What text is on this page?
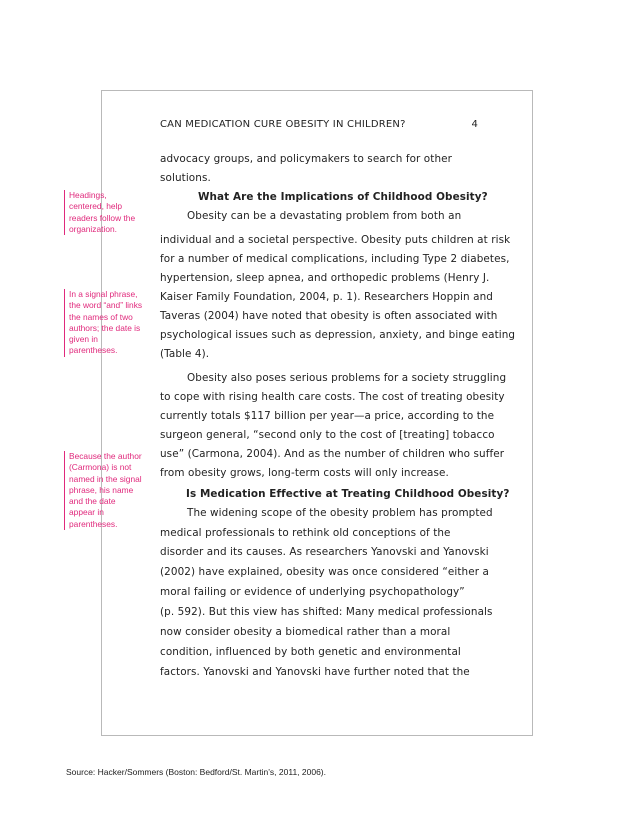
CAN MEDICATION CURE OBESITY IN CHILDREN?	4
Headings, centered, help readers follow the organization.
In a signal phrase, the word “and” links the names of two authors; the date is given in parentheses.
Because the author (Carmona) is not named in the signal phrase, his name and the date appear in parentheses.
advocacy groups, and policymakers to search for other
solutions.
What Are the Implications of Childhood Obesity?
Obesity can be a devastating problem from both an
individual and a societal perspective. Obesity puts children at risk
for a number of medical complications, including Type 2 diabetes,
hypertension, sleep apnea, and orthopedic problems (Henry J.
Kaiser Family Foundation, 2004, p. 1). Researchers Hoppin and
Taveras (2004) have noted that obesity is often associated with
psychological issues such as depression, anxiety, and binge eating
(Table 4).
Obesity also poses serious problems for a society struggling
to cope with rising health care costs. The cost of treating obesity
currently totals $117 billion per year—a price, according to the
surgeon general, “second only to the cost of [treating] tobacco
use” (Carmona, 2004). And as the number of children who suffer
from obesity grows, long-term costs will only increase.
Is Medication Effective at Treating Childhood Obesity?
The widening scope of the obesity problem has prompted
medical professionals to rethink old conceptions of the
disorder and its causes. As researchers Yanovski and Yanovski
(2002) have explained, obesity was once considered “either a
moral failing or evidence of underlying psychopathology”
(p. 592). But this view has shifted: Many medical professionals
now consider obesity a biomedical rather than a moral
condition, influenced by both genetic and environmental
factors. Yanovski and Yanovski have further noted that the
Source: Hacker/Sommers (Boston: Bedford/St. Martin’s, 2011, 2006).
